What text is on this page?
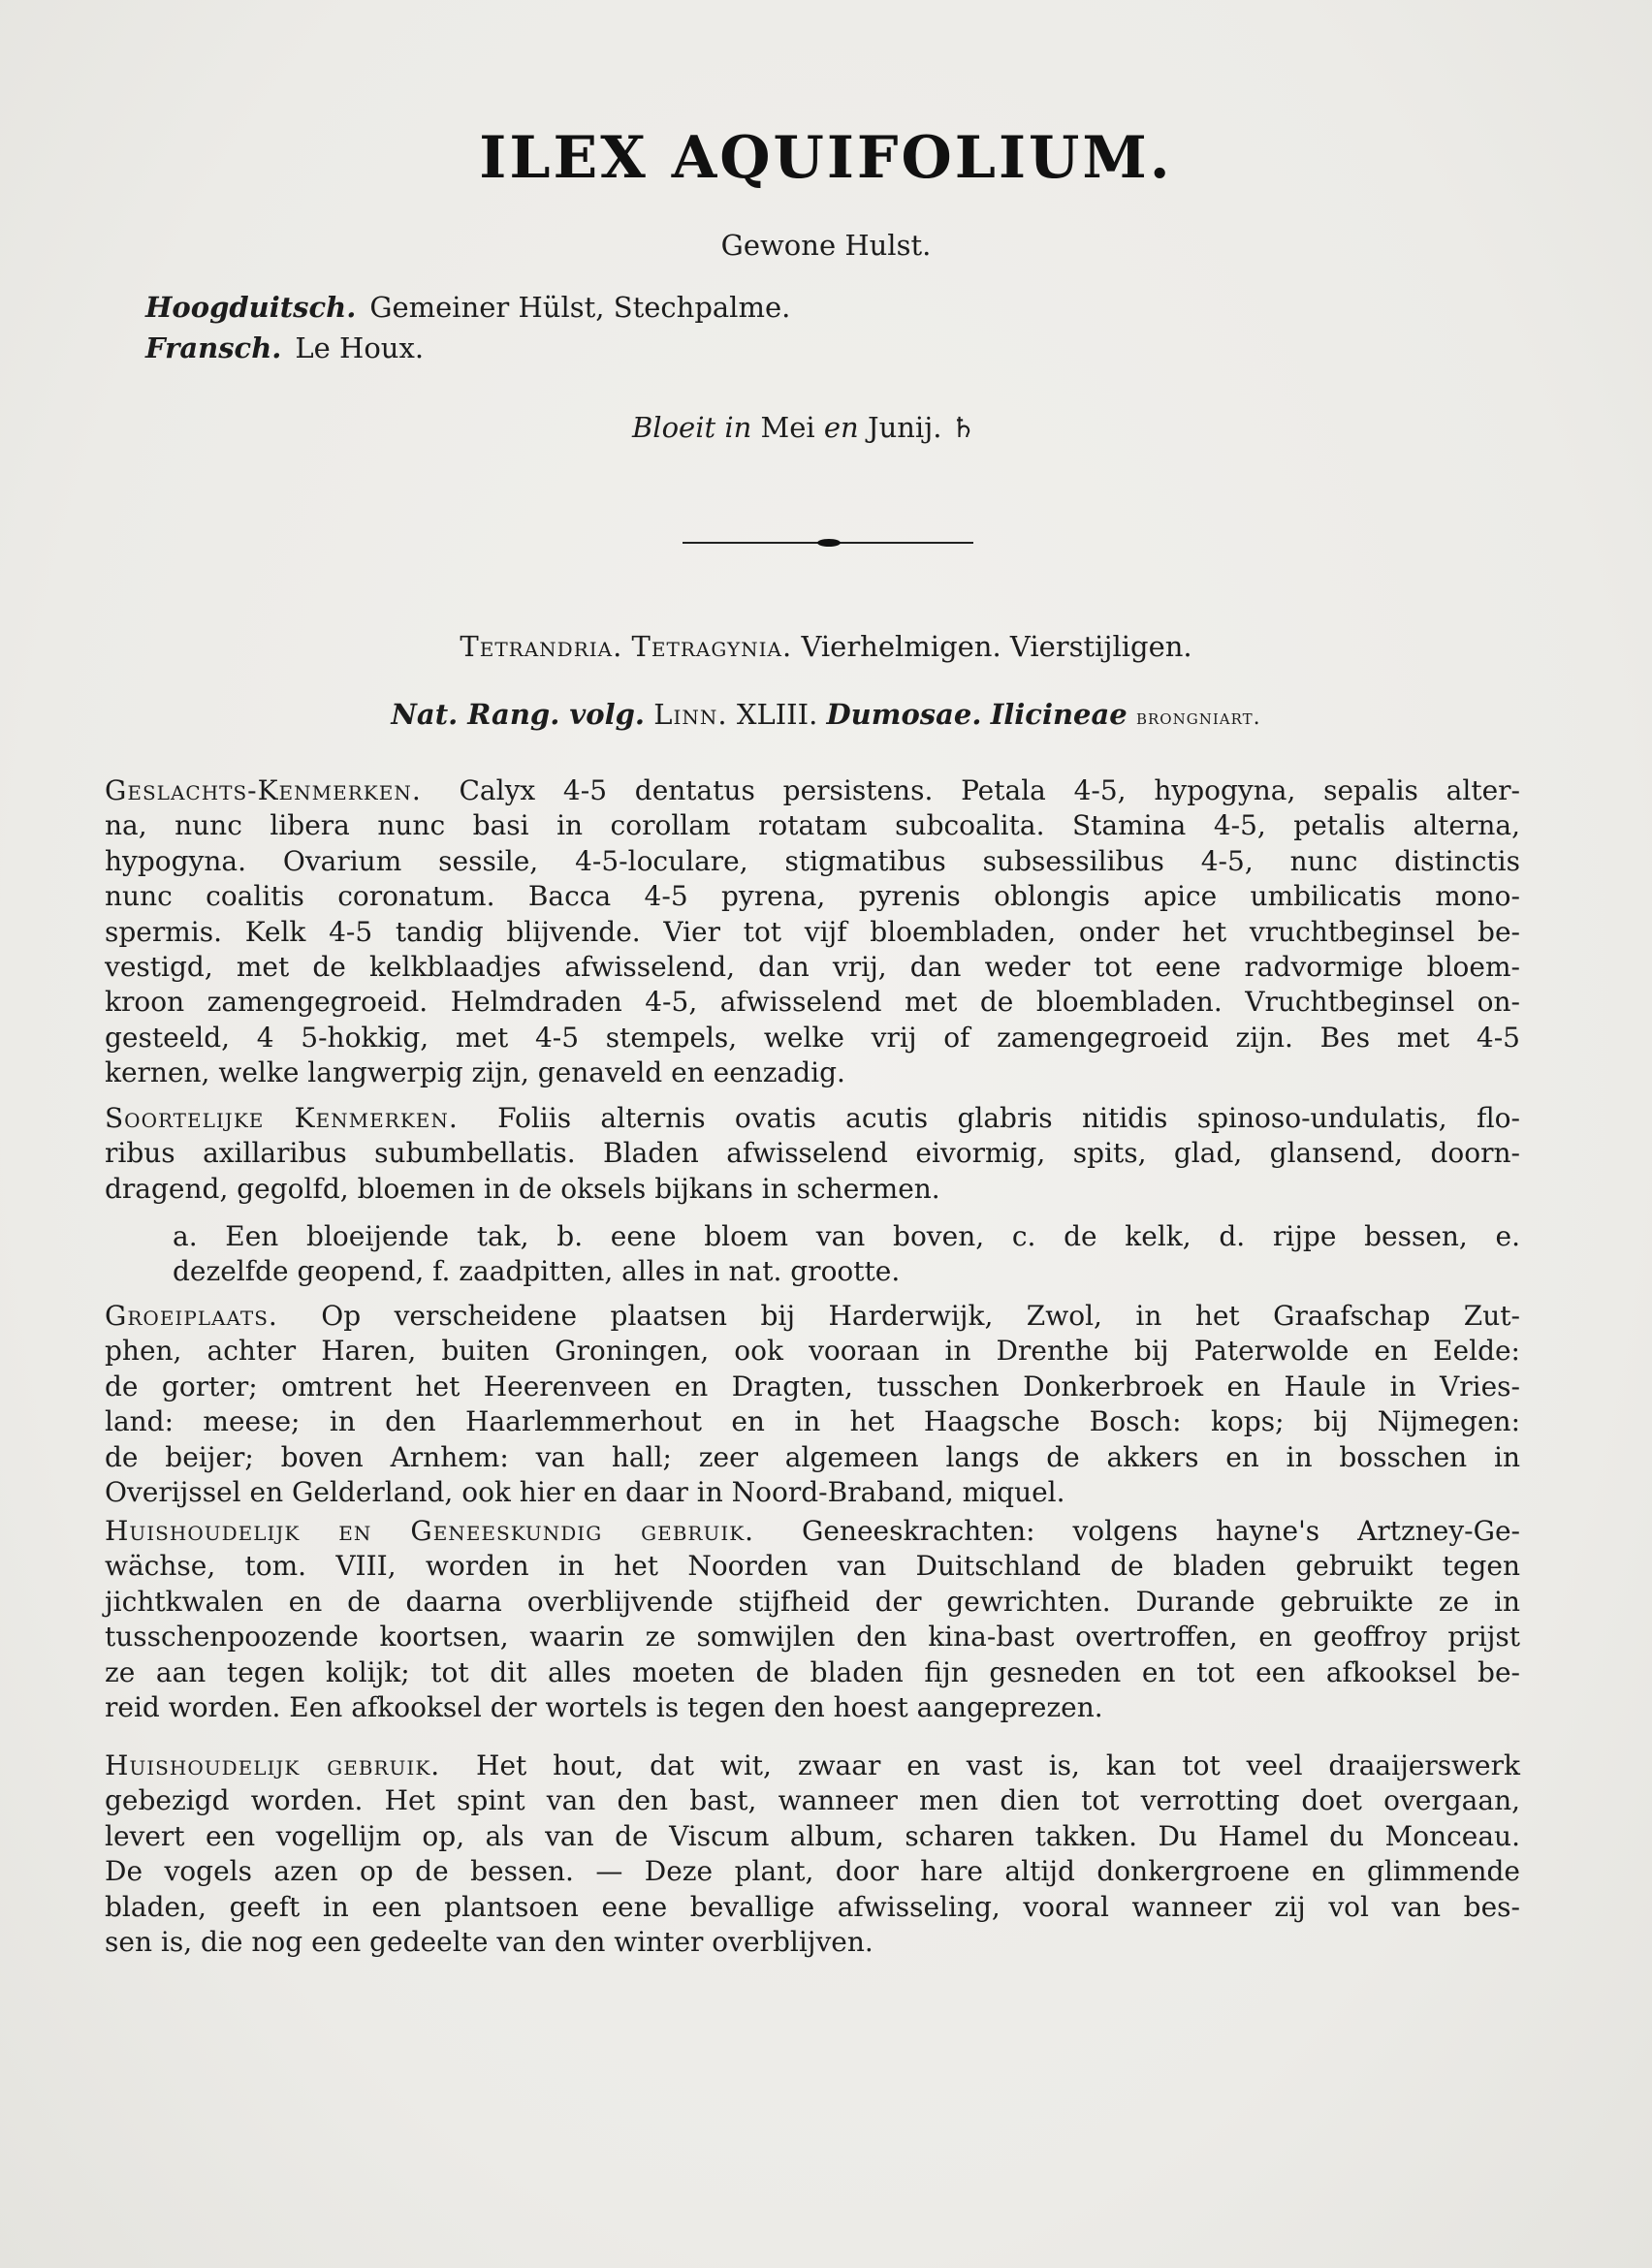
ILEX AQUIFOLIUM.
Gewone Hulst.
Hoogduitsch. Gemeiner Hülst, Stechpalme.
Fransch. Le Houx.
Bloeit in Mei en Junij. ♄
Tetrandria. Tetragynia. Vierhelmigen. Vierstijligen.
Nat. Rang. volg. Linn. XLIII. Dumosae. Ilicineae brongniart.
Geslachts-Kenmerken. Calyx 4-5 dentatus persistens. Petala 4-5, hypogyna, sepalis alter-
na, nunc libera nunc basi in corollam rotatam subcoalita. Stamina 4-5, petalis alterna,
hypogyna. Ovarium sessile, 4-5-loculare, stigmatibus subsessilibus 4-5, nunc distinctis
nunc coalitis coronatum. Bacca 4-5 pyrena, pyrenis oblongis apice umbilicatis mono-
spermis. Kelk 4-5 tandig blijvende. Vier tot vijf bloembladen, onder het vruchtbeginsel be-
vestigd, met de kelkblaadjes afwisselend, dan vrij, dan weder tot eene radvormige bloem-
kroon zamengegroeid. Helmdraden 4-5, afwisselend met de bloembladen. Vruchtbeginsel on-
gesteeld, 4 5-hokkig, met 4-5 stempels, welke vrij of zamengegroeid zijn. Bes met 4-5
kernen, welke langwerpig zijn, genaveld en eenzadig.
Soortelijke Kenmerken. Foliis alternis ovatis acutis glabris nitidis spinoso-undulatis, flo-
ribus axillaribus subumbellatis. Bladen afwisselend eivormig, spits, glad, glansend, doorn-
dragend, gegolfd, bloemen in de oksels bijkans in schermen.
a. Een bloeijende tak, b. eene bloem van boven, c. de kelk, d. rijpe bessen, e.
dezelfde geopend, f. zaadpitten, alles in nat. grootte.
Groeiplaats. Op verscheidene plaatsen bij Harderwijk, Zwol, in het Graafschap Zut-
phen, achter Haren, buiten Groningen, ook vooraan in Drenthe bij Paterwolde en Eelde:
de gorter; omtrent het Heerenveen en Dragten, tusschen Donkerbroek en Haule in Vries-
land: meese; in den Haarlemmerhout en in het Haagsche Bosch: kops; bij Nijmegen:
de beijer; boven Arnhem: van hall; zeer algemeen langs de akkers en in bosschen in
Overijssel en Gelderland, ook hier en daar in Noord-Braband, miquel.
Huishoudelijk en Geneeskundig gebruik. Geneeskrachten: volgens hayne's Artzney-Ge-
wächse, tom. VIII, worden in het Noorden van Duitschland de bladen gebruikt tegen
jichtkwalen en de daarna overblijvende stijfheid der gewrichten. Durande gebruikte ze in
tusschenpoozende koortsen, waarin ze somwijlen den kina-bast overtroffen, en geoffroy prijst
ze aan tegen kolijk; tot dit alles moeten de bladen fijn gesneden en tot een afkooksel be-
reid worden. Een afkooksel der wortels is tegen den hoest aangeprezen.
Huishoudelijk gebruik. Het hout, dat wit, zwaar en vast is, kan tot veel draaijerswerk
gebezigd worden. Het spint van den bast, wanneer men dien tot verrotting doet overgaan,
levert een vogellijm op, als van de Viscum album, scharen takken. Du Hamel du Monceau.
De vogels azen op de bessen. — Deze plant, door hare altijd donkergroene en glimmende
bladen, geeft in een plantsoen eene bevallige afwisseling, vooral wanneer zij vol van bes-
sen is, die nog een gedeelte van den winter overblijven.
